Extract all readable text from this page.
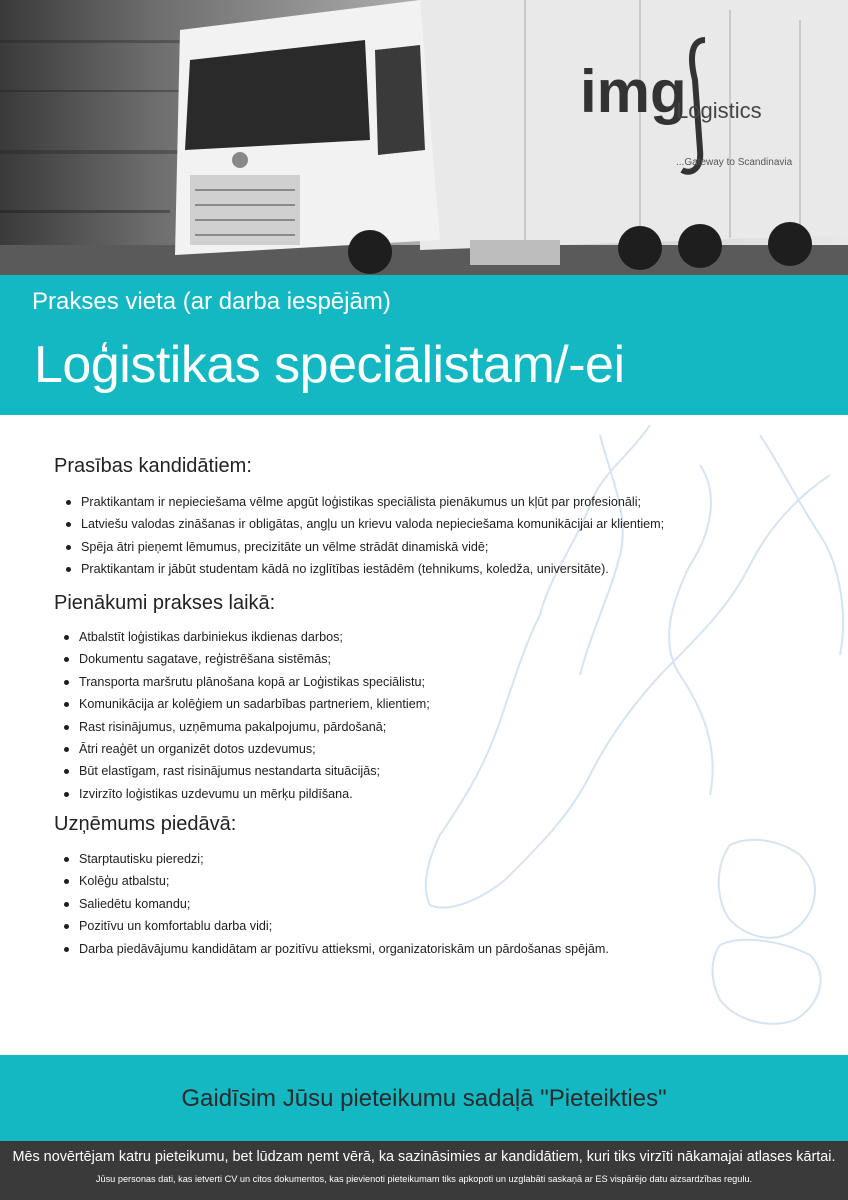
img
Logistics
...Gateway to Scandinavia
Prakses vieta (ar darba iespējām)
Loģistikas speciālistam/-ei
Prasības kandidātiem:
Praktikantam ir nepieciešama vēlme apgūt loģistikas speciālista pienākumus un kļūt par profesionāli;
Latviešu valodas zināšanas ir obligātas, angļu un krievu valoda nepieciešama komunikācijai ar klientiem;
Spēja ātri pieņemt lēmumus, precizitāte un vēlme strādāt dinamiskā vidē;
Praktikantam ir jābūt studentam kādā no izglītības iestādēm (tehnikums, koledža, universitāte).
Pienākumi prakses laikā:
Atbalstīt loģistikas darbiniekus ikdienas darbos;
Dokumentu sagatave, reģistrēšana sistēmās;
Transporta maršrutu plānošana kopā ar Loģistikas speciālistu;
Komunikācija ar kolēģiem un sadarbības partneriem, klientiem;
Rast risinājumus, uzņēmuma pakalpojumu, pārdošanā;
Ātri reaģēt un organizēt dotos uzdevumus;
Būt elastīgam, rast risinājumus nestandarta situācijās;
Izvirzīto loģistikas uzdevumu un mērķu pildīšana.
Uzņēmums piedāvā:
Starptautisku pieredzi;
Kolēģu atbalstu;
Saliedētu komandu;
Pozitīvu un komfortablu darba vidi;
Darba piedāvājumu kandidātam ar pozitīvu attieksmi, organizatoriskām un pārdošanas spējām.
Gaidīsim Jūsu pieteikumu sadaļā "Pieteikties"
Mēs novērtējam katru pieteikumu, bet lūdzam ņemt vērā, ka sazināsimies ar kandidātiem, kuri tiks virzīti nākamajai atlases kārtai.
Jūsu personas dati, kas ietverti CV un citos dokumentos, kas pievienoti pieteikumam tiks apkopoti un uzglabāti saskaņā ar ES vispārējo datu aizsardzības regulu.
